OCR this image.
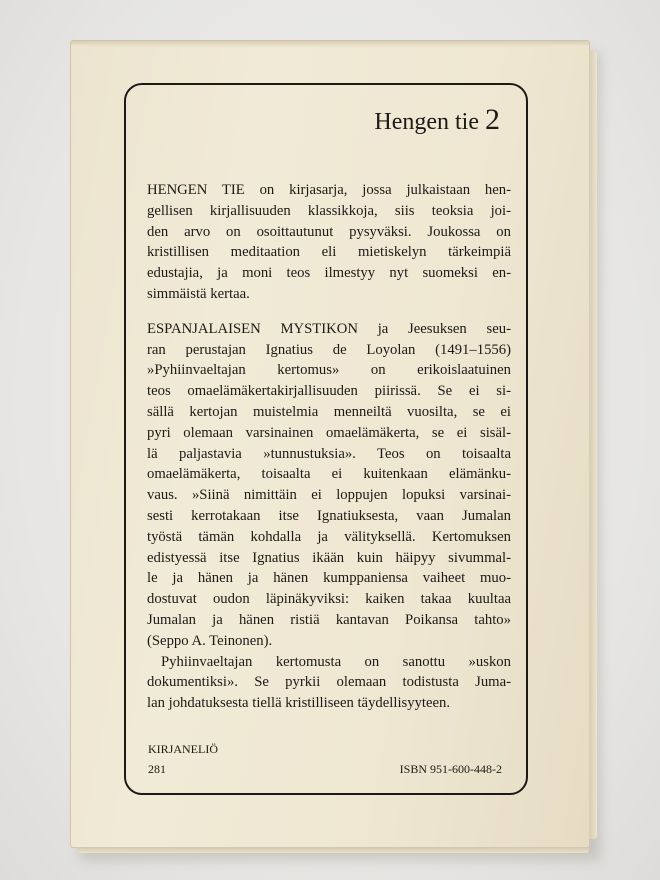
Hengen tie 2
HENGEN TIE on kirjasarja, jossa julkaistaan hen-
gellisen kirjallisuuden klassikkoja, siis teoksia joi-
den arvo on osoittautunut pysyväksi. Joukossa on
kristillisen meditaation eli mietiskelyn tärkeimpiä
edustajia, ja moni teos ilmestyy nyt suomeksi en-
simmäistä kertaa.
ESPANJALAISEN MYSTIKON ja Jeesuksen seu-
ran perustajan Ignatius de Loyolan (1491–1556)
»Pyhiinvaeltajan kertomus» on erikoislaatuinen
teos omaelämäkertakirjallisuuden piirissä. Se ei si-
sällä kertojan muistelmia menneiltä vuosilta, se ei
pyri olemaan varsinainen omaelämäkerta, se ei sisäl-
lä paljastavia »tunnustuksia». Teos on toisaalta
omaelämäkerta, toisaalta ei kuitenkaan elämänku-
vaus. »Siinä nimittäin ei loppujen lopuksi varsinai-
sesti kerrotakaan itse Ignatiuksesta, vaan Jumalan
työstä tämän kohdalla ja välityksellä. Kertomuksen
edistyessä itse Ignatius ikään kuin häipyy sivummal-
le ja hänen ja hänen kumppaniensa vaiheet muo-
dostuvat oudon läpinäkyviksi: kaiken takaa kuultaa
Jumalan ja hänen ristiä kantavan Poikansa tahto»
(Seppo A. Teinonen).
Pyhiinvaeltajan kertomusta on sanottu »uskon
dokumentiksi». Se pyrkii olemaan todistusta Juma-
lan johdatuksesta tiellä kristilliseen täydellisyyteen.
KIRJANELIÖ
281	ISBN 951-600-448-2
